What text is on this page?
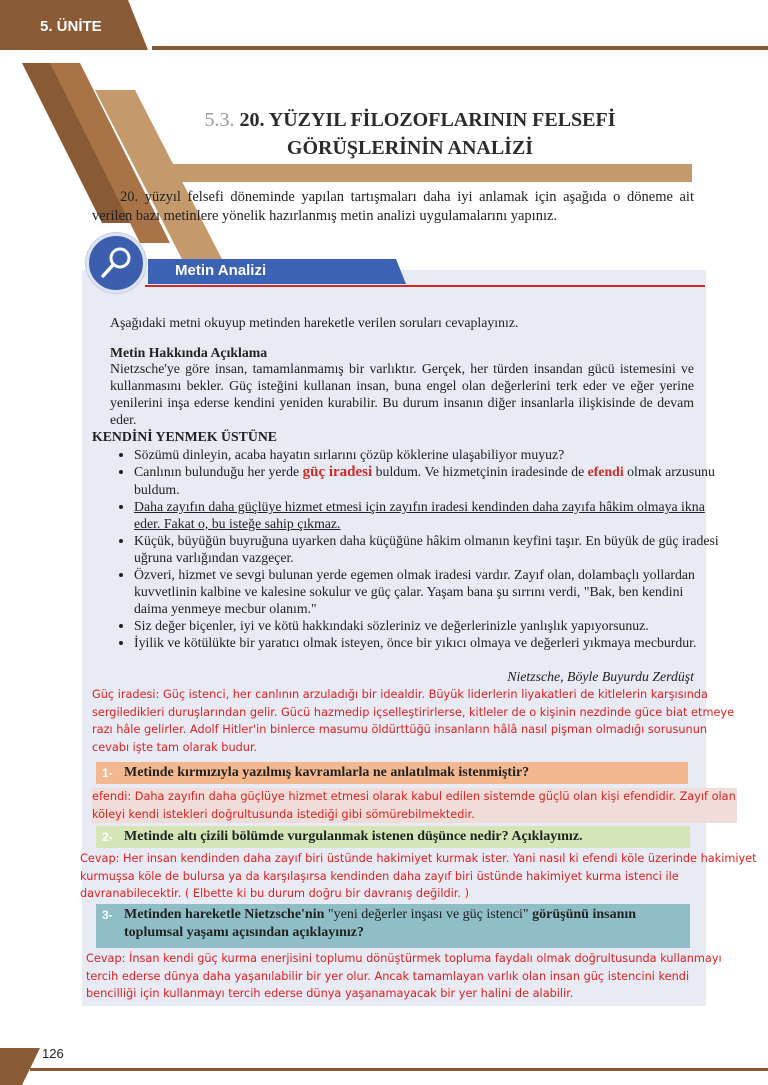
5. ÜNİTE
5.3. 20. YÜZYIL FİLOZOFLARININ FELSEFİ
GÖRÜŞLERİNİN ANALİZİ
20. yüzyıl felsefi döneminde yapılan tartışmaları daha iyi anlamak için aşağıda o döneme ait verilen bazı metinlere yönelik hazırlanmış metin analizi uygulamalarını yapınız.
Metin Analizi
Aşağıdaki metni okuyup metinden hareketle verilen soruları cevaplayınız.
Metin Hakkında Açıklama
Nietzsche'ye göre insan, tamamlanmamış bir varlıktır. Gerçek, her türden insandan gücü istemesini ve kullanmasını bekler. Güç isteğini kullanan insan, buna engel olan değerlerini terk eder ve eğer yerine yenilerini inşa ederse kendini yeniden kurabilir. Bu durum insanın diğer insanlarla ilişkisinde de devam eder.
KENDİNİ YENMEK ÜSTÜNE
• Sözümü dinleyin, acaba hayatın sırlarını çözüp köklerine ulaşabiliyor muyuz?
• Canlının bulunduğu her yerde güç iradesi buldum. Ve hizmetçinin iradesinde de efendi olmak arzusunu buldum.
• Daha zayıfın daha güçlüye hizmet etmesi için zayıfın iradesi kendinden daha zayıfa hâkim olmaya ikna eder. Fakat o, bu isteğe sahip çıkmaz.
• Küçük, büyüğün buyruğuna uyarken daha küçüğüne hâkim olmanın keyfini taşır. En büyük de güç iradesi uğruna varlığından vazgeçer.
• Özveri, hizmet ve sevgi bulunan yerde egemen olmak iradesi vardır. Zayıf olan, dolambaçlı yollardan kuvvetlinin kalbine ve kalesine sokulur ve güç çalar. Yaşam bana şu sırrını verdi, "Bak, ben kendini daima yenmeye mecbur olanım."
• Siz değer biçenler, iyi ve kötü hakkındaki sözleriniz ve değerlerinizle yanlışlık yapıyorsunuz.
• İyilik ve kötülükte bir yaratıcı olmak isteyen, önce bir yıkıcı olmaya ve değerleri yıkmaya mecburdur.
Nietzsche, Böyle Buyurdu Zerdüşt
Güç iradesi: Güç istenci, her canlının arzuladığı bir idealdir. Büyük liderlerin liyakatleri de kitlelerin karşısında sergiledikleri duruşlarından gelir. Gücü hazmedip içselleştirirlerse, kitleler de o kişinin nezdinde güce biat etmeye razı hâle gelirler. Adolf Hitler'in binlerce masumu öldürttüğü insanların hâlâ nasıl pişman olmadığı sorusunun cevabı işte tam olarak budur.
1- Metinde kırmızıyla yazılmış kavramlarla ne anlatılmak istenmiştir?
efendi: Daha zayıfın daha güçlüye hizmet etmesi olarak kabul edilen sistemde güçlü olan kişi efendidir. Zayıf olan köleyi kendi istekleri doğrultusunda istediği gibi sömürebilmektedir.
2- Metinde altı çizili bölümde vurgulanmak istenen düşünce nedir? Açıklayınız.
Cevap: Her insan kendinden daha zayıf biri üstünde hakimiyet kurmak ister. Yani nasıl ki efendi köle üzerinde hakimiyet kurmuşsa köle de bulursa ya da karşılaşırsa kendinden daha zayıf biri üstünde hakimiyet kurma istenci ile davranabilecektir. ( Elbette ki bu durum doğru bir davranış değildir. )
3- Metinden hareketle Nietzsche'nin "yeni değerler inşası ve güç istenci" görüşünü insanın toplumsal yaşamı açısından açıklayınız?
Cevap: İnsan kendi güç kurma enerjisini toplumu dönüştürmek topluma faydalı olmak doğrultusunda kullanmayı tercih ederse dünya daha yaşanılabilir bir yer olur. Ancak tamamlayan varlık olan insan güç istencini kendi bencilliği için kullanmayı tercih ederse dünya yaşanamayacak bir yer halini de alabilir.
126
